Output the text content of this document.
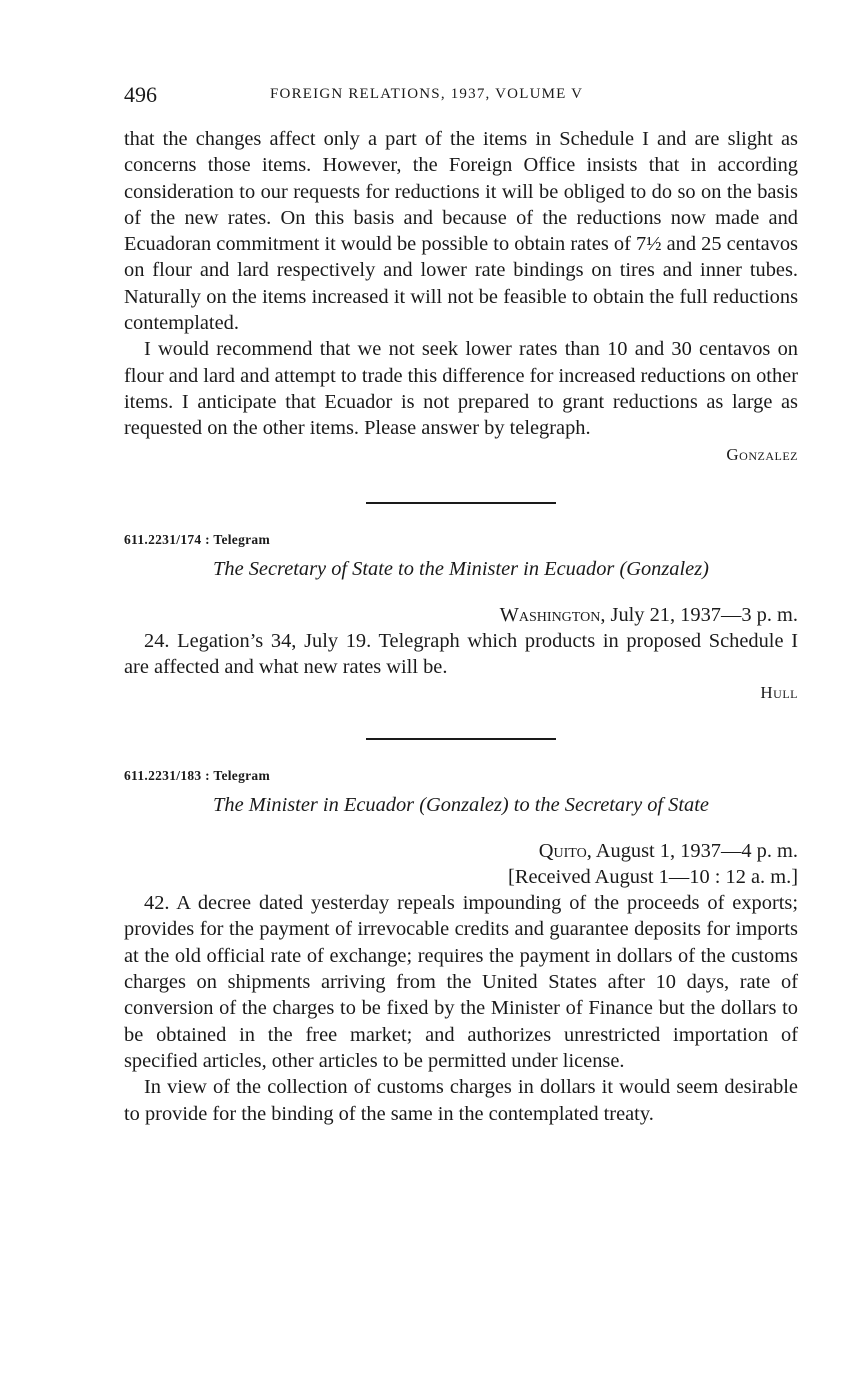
496	FOREIGN RELATIONS, 1937, VOLUME V

that the changes affect only a part of the items in Schedule I and are slight as concerns those items. However, the Foreign Office insists that in according consideration to our requests for reductions it will be obliged to do so on the basis of the new rates. On this basis and because of the reductions now made and Ecuadoran commitment it would be possible to obtain rates of 7½ and 25 centavos on flour and lard respectively and lower rate bindings on tires and inner tubes. Naturally on the items increased it will not be feasible to obtain the full reductions contemplated.

I would recommend that we not seek lower rates than 10 and 30 centavos on flour and lard and attempt to trade this difference for increased reductions on other items. I anticipate that Ecuador is not prepared to grant reductions as large as requested on the other items. Please answer by telegraph.

Gonzalez
611.2231/174 : Telegram
The Secretary of State to the Minister in Ecuador (Gonzalez)
Washington, July 21, 1937—3 p. m.

24. Legation’s 34, July 19. Telegraph which products in proposed Schedule I are affected and what new rates will be.

Hull
611.2231/183 : Telegram
The Minister in Ecuador (Gonzalez) to the Secretary of State
Quito, August 1, 1937—4 p. m.
[Received August 1—10 : 12 a. m.]

42. A decree dated yesterday repeals impounding of the proceeds of exports; provides for the payment of irrevocable credits and guarantee deposits for imports at the old official rate of exchange; requires the payment in dollars of the customs charges on shipments arriving from the United States after 10 days, rate of conversion of the charges to be fixed by the Minister of Finance but the dollars to be obtained in the free market; and authorizes unrestricted importation of specified articles, other articles to be permitted under license.

In view of the collection of customs charges in dollars it would seem desirable to provide for the binding of the same in the contemplated treaty.
